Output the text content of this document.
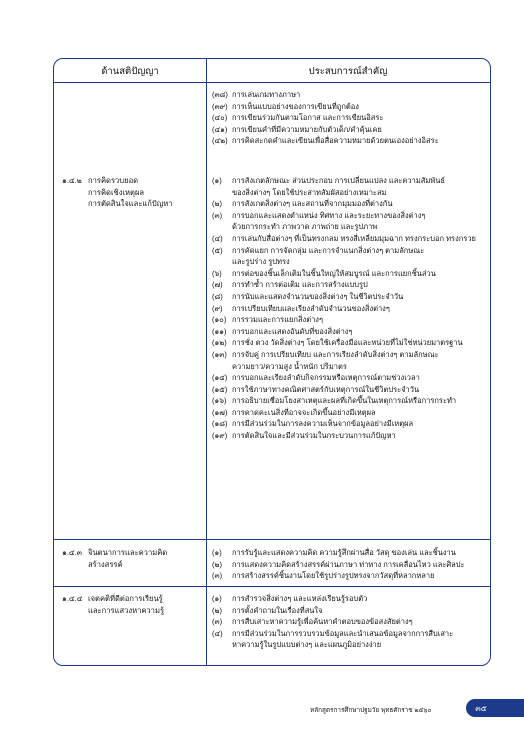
ด้านสติปัญญา	ประสบการณ์สำคัญ
(๓๘) การเล่นเกมทางภาษา
(๓๙) การเห็นแบบอย่างของการเขียนที่ถูกต้อง
(๔๐) การเขียนร่วมกันตามโอกาส และการเขียนอิสระ
(๔๑) การเขียนคำที่มีความหมายกับตัวเด็ก/คำคุ้นเคย
(๔๒) การคิดสะกดคำและเขียนเพื่อสื่อความหมายด้วยตนเองอย่างอิสระ
๑.๔.๒ การคิดรวบยอด
การคิดเชิงเหตุผล
การตัดสินใจและแก้ปัญหา
(๑) การสังเกตลักษณะ ส่วนประกอบ การเปลี่ยนแปลง และความสัมพันธ์
ของสิ่งต่างๆ โดยใช้ประสาทสัมผัสอย่างเหมาะสม
(๒) การสังเกตสิ่งต่างๆ และสถานที่จากมุมมองที่ต่างกัน
(๓) การบอกและแสดงตำแหน่ง ทิศทาง และระยะทางของสิ่งต่างๆ
ด้วยการกระทำ ภาพวาด ภาพถ่าย และรูปภาพ
(๔) การเล่นกับสื่อต่างๆ ที่เป็นทรงกลม ทรงสี่เหลี่ยมมุมฉาก ทรงกระบอก ทรงกรวย
(๕) การคัดแยก การจัดกลุ่ม และการจำแนกสิ่งต่างๆ ตามลักษณะ
และรูปร่าง รูปทรง
(๖) การต่อของชิ้นเล็กเติมในชิ้นใหญ่ให้สมบูรณ์ และการแยกชิ้นส่วน
(๗) การทำซ้ำ การต่อเติม และการสร้างแบบรูป
(๘) การนับและแสดงจำนวนของสิ่งต่างๆ ในชีวิตประจำวัน
(๙) การเปรียบเทียบและเรียงลำดับจำนวนของสิ่งต่างๆ
(๑๐) การรวมและการแยกสิ่งต่างๆ
(๑๑) การบอกและแสดงอันดับที่ของสิ่งต่างๆ
(๑๒) การชั่ง ตวง วัดสิ่งต่างๆ โดยใช้เครื่องมือและหน่วยที่ไม่ใช่หน่วยมาตรฐาน
(๑๓) การจับคู่ การเปรียบเทียบ และการเรียงลำดับสิ่งต่างๆ ตามลักษณะ
ความยาว/ความสูง น้ำหนัก ปริมาตร
(๑๔) การบอกและเรียงลำดับกิจกรรมหรือเหตุการณ์ตามช่วงเวลา
(๑๕) การใช้ภาษาทางคณิตศาสตร์กับเหตุการณ์ในชีวิตประจำวัน
(๑๖) การอธิบายเชื่อมโยงสาเหตุและผลที่เกิดขึ้นในเหตุการณ์หรือการกระทำ
(๑๗) การคาดคะเนสิ่งที่อาจจะเกิดขึ้นอย่างมีเหตุผล
(๑๘) การมีส่วนร่วมในการลงความเห็นจากข้อมูลอย่างมีเหตุผล
(๑๙) การตัดสินใจและมีส่วนร่วมในกระบวนการแก้ปัญหา
๑.๔.๓ จินตนาการและความคิด
สร้างสรรค์
(๑) การรับรู้และแสดงความคิด ความรู้สึกผ่านสื่อ วัสดุ ของเล่น และชิ้นงาน
(๒) การแสดงความคิดสร้างสรรค์ผ่านภาษา ท่าทาง การเคลื่อนไหว และศิลปะ
(๓) การสร้างสรรค์ชิ้นงานโดยใช้รูปร่างรูปทรงจากวัสดุที่หลากหลาย
๑.๔.๔ เจตคติที่ดีต่อการเรียนรู้
และการแสวงหาความรู้
(๑) การสำรวจสิ่งต่างๆ และแหล่งเรียนรู้รอบตัว
(๒) การตั้งคำถามในเรื่องที่สนใจ
(๓) การสืบเสาะหาความรู้เพื่อค้นหาคำตอบของข้อสงสัยต่างๆ
(๔) การมีส่วนร่วมในการรวบรวมข้อมูลและนำเสนอข้อมูลจากการสืบเสาะ
หาความรู้ในรูปแบบต่างๆ และแผนภูมิอย่างง่าย
หลักสูตรการศึกษาปฐมวัย พุทธศักราช ๒๕๖๐	๓๕
